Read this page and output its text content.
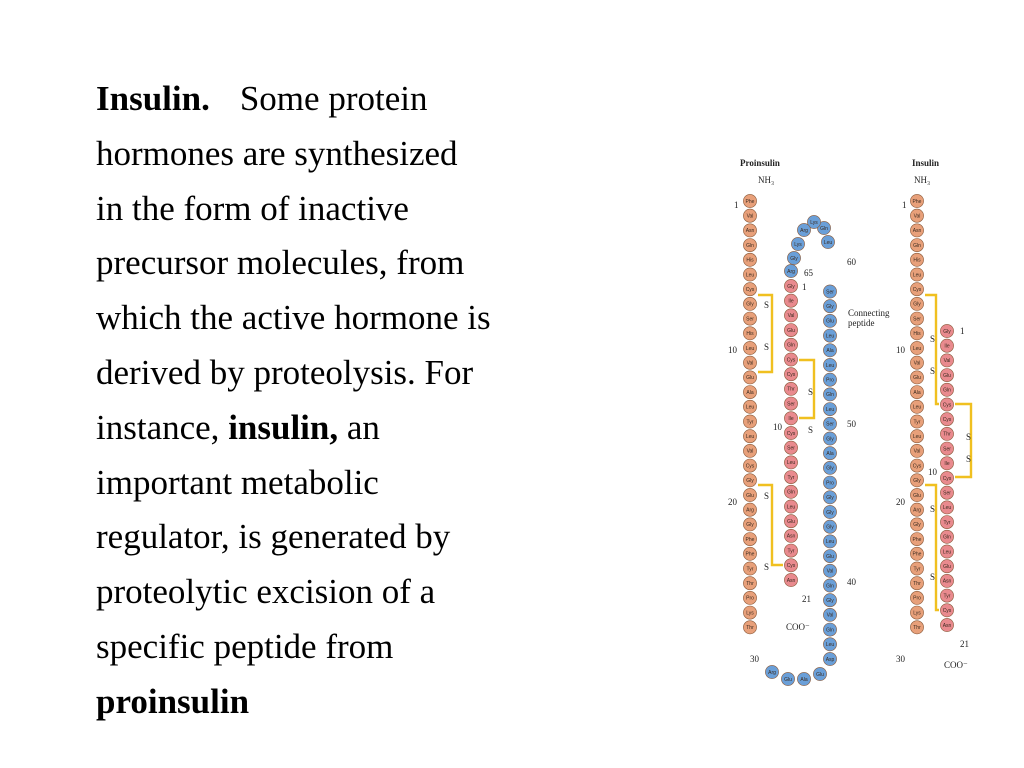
Insulin. Some protein
hormones are synthesized
in the form of inactive
precursor molecules, from
which the active hormone is
derived by proteolysis. For
instance, insulin, an
important metabolic
regulator, is generated by
proteolytic excision of a
specific peptide from
proinsulin
Proinsulin
NH₃
Insulin
NH₃
Connecting
peptide
COO⁻
COO⁻
1
10
20
30
1
10
21
65
60
50
40
1
10
20
30
1
10
21
Phe
Val
Asn
Gln
His
Leu
Cys
Gly
Ser
His
Leu
Val
Glu
Ala
Leu
Tyr
Leu
Val
Cys
Gly
Glu
Arg
Gly
Phe
Phe
Tyr
Thr
Pro
Lys
Thr
Gly
Ile
Val
Glu
Gln
Cys
Cys
Thr
Ser
Ile
Cys
Ser
Leu
Tyr
Gln
Leu
Glu
Asn
Tyr
Cys
Asn
Arg
Glu Ala
Glu
Asp
Leu
Gln
Val
Gly
Gln
Val
Glu
Leu
Gly
Gly
Gly
Pro
Gly
Ala
Gly
Ser
Leu
Gln
Pro
Leu
Ala
Leu
Glu
Gly
Ser
Leu
Gln
Lys
Arg
Lys
Gly
Arg
S
S
S
S
S
S
Phe
Val
Asn
Gln
His
Leu
Cys
Gly
Ser
His
Leu
Val
Glu
Ala
Leu
Tyr
Leu
Val
Cys
Gly
Glu
Arg
Gly
Phe
Phe
Tyr
Thr
Pro
Lys
Thr
Gly
Ile
Val
Glu
Gln
Cys
Cys
Thr
Ser
Ile
Cys
Ser
Leu
Tyr
Gln
Leu
Glu
Asn
Tyr
Cys
Asn
S
S
S
S
S
S
